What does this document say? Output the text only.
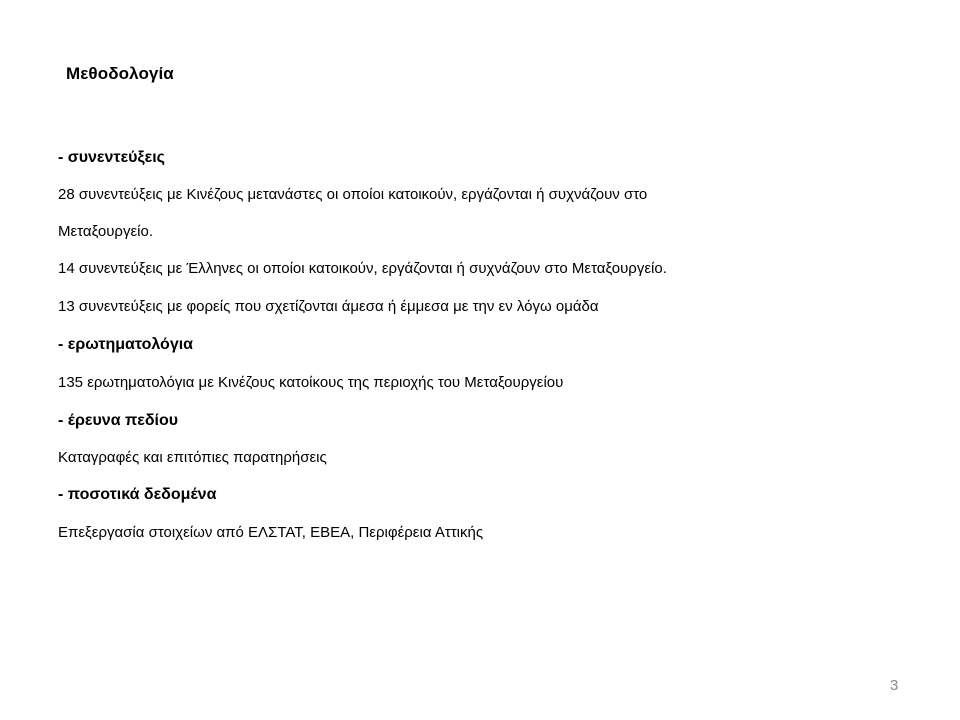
Μεθοδολογία
- συνεντεύξεις
28 συνεντεύξεις με Κινέζους μετανάστες οι οποίοι κατοικούν, εργάζονται ή συχνάζουν στο
Μεταξουργείο.
14 συνεντεύξεις με Έλληνες οι οποίοι κατοικούν, εργάζονται ή συχνάζουν στο Μεταξουργείο.
13 συνεντεύξεις με φορείς που σχετίζονται άμεσα ή έμμεσα με την εν λόγω ομάδα
- ερωτηματολόγια
135 ερωτηματολόγια με Κινέζους κατοίκους της περιοχής του Μεταξουργείου
- έρευνα πεδίου
Καταγραφές και επιτόπιες παρατηρήσεις
- ποσοτικά δεδομένα
Επεξεργασία στοιχείων από ΕΛΣΤΑΤ, ΕΒΕΑ, Περιφέρεια Αττικής
3
